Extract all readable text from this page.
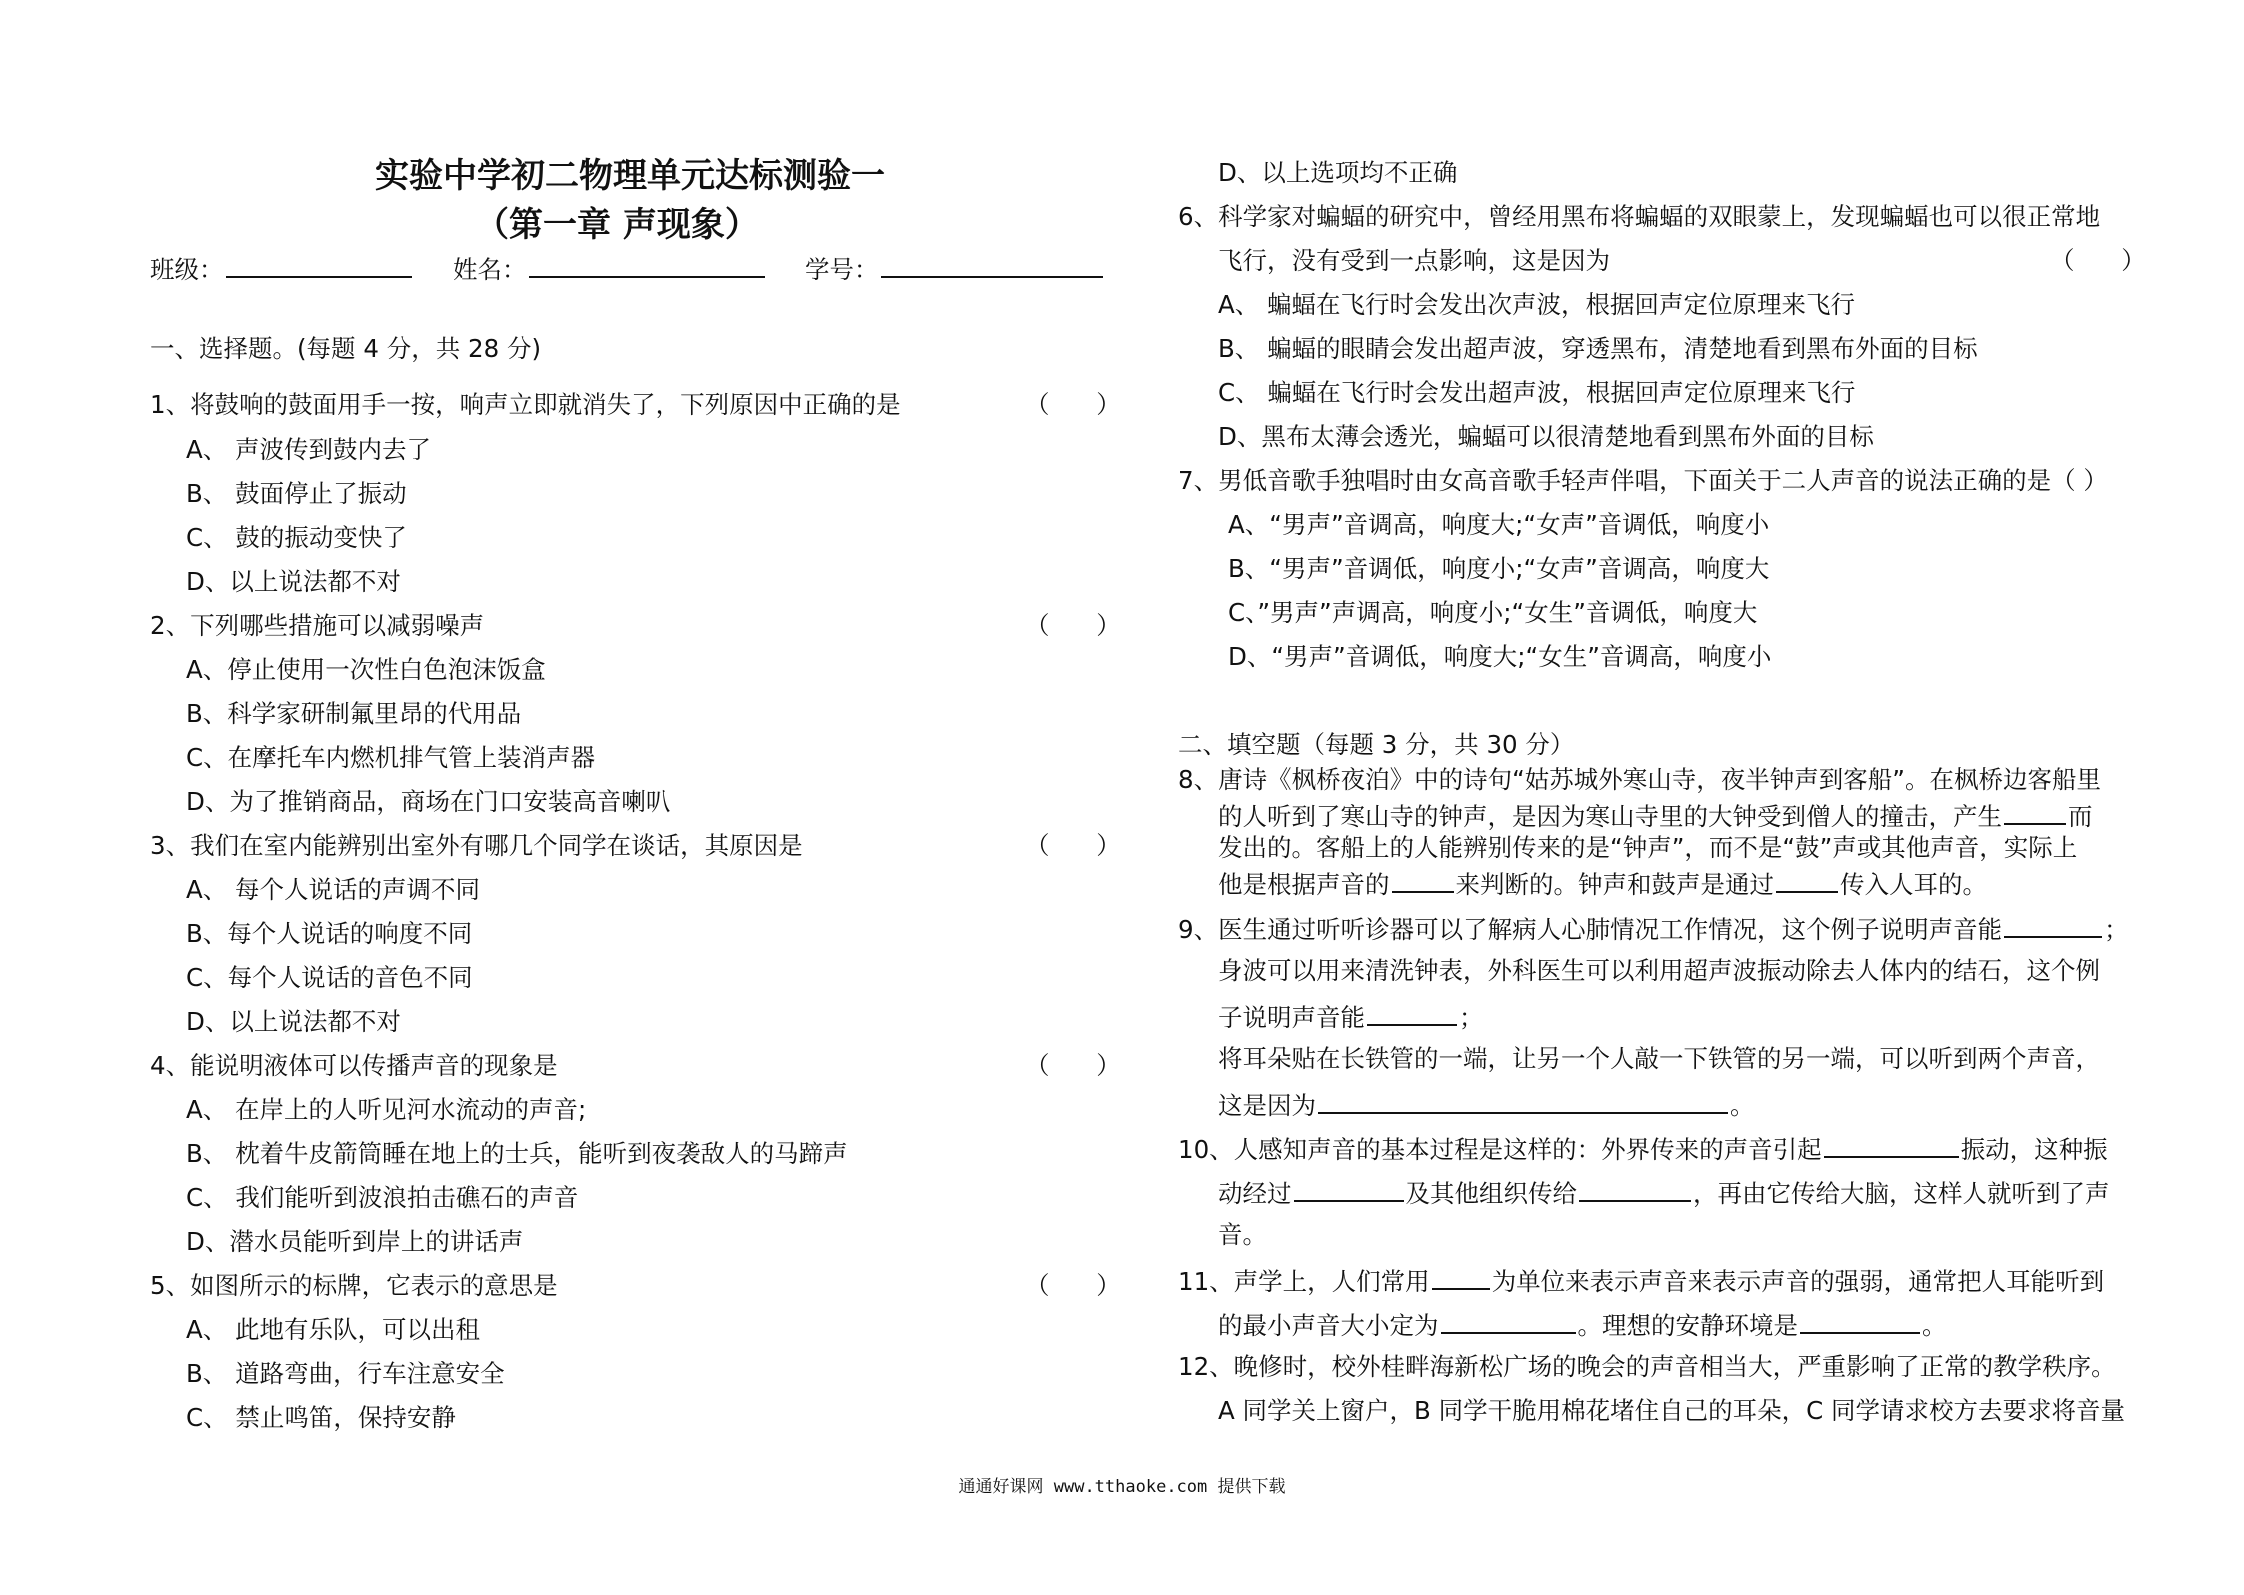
实验中学初二物理单元达标测验一
（第一章 声现象）
班级：	姓名：	学号：
一、选择题。(每题 4 分，共 28 分)
1、将鼓响的鼓面用手一按，响声立即就消失了，下列原因中正确的是	（      ）
A、 声波传到鼓内去了
B、 鼓面停止了振动
C、 鼓的振动变快了
D、以上说法都不对
2、下列哪些措施可以减弱噪声	（      ）
A、停止使用一次性白色泡沫饭盒
B、科学家研制氟里昂的代用品
C、在摩托车内燃机排气管上装消声器
D、为了推销商品，商场在门口安装高音喇叭
3、我们在室内能辨别出室外有哪几个同学在谈话，其原因是	（      ）
A、 每个人说话的声调不同
B、每个人说话的响度不同
C、每个人说话的音色不同
D、以上说法都不对
4、能说明液体可以传播声音的现象是	（      ）
A、 在岸上的人听见河水流动的声音;
B、 枕着牛皮箭筒睡在地上的士兵，能听到夜袭敌人的马蹄声
C、 我们能听到波浪拍击礁石的声音
D、潜水员能听到岸上的讲话声
5、如图所示的标牌，它表示的意思是	（      ）
A、 此地有乐队，可以出租
B、 道路弯曲，行车注意安全
C、 禁止鸣笛，保持安静
D、以上选项均不正确
6、科学家对蝙蝠的研究中，曾经用黑布将蝙蝠的双眼蒙上，发现蝙蝠也可以很正常地
飞行，没有受到一点影响，这是因为	（      ）
A、 蝙蝠在飞行时会发出次声波，根据回声定位原理来飞行
B、 蝙蝠的眼睛会发出超声波，穿透黑布，清楚地看到黑布外面的目标
C、 蝙蝠在飞行时会发出超声波，根据回声定位原理来飞行
D、黑布太薄会透光，蝙蝠可以很清楚地看到黑布外面的目标
7、男低音歌手独唱时由女高音歌手轻声伴唱，下面关于二人声音的说法正确的是（ ）
A、“男声”音调高，响度大;“女声”音调低，响度小
B、“男声”音调低，响度小;“女声”音调高，响度大
C、”男声”声调高，响度小;“女生”音调低，响度大
D、“男声”音调低，响度大;“女生”音调高，响度小
二、填空题（每题 3 分，共 30 分）
8、唐诗《枫桥夜泊》中的诗句“姑苏城外寒山寺，夜半钟声到客船”。在枫桥边客船里
的人听到了寒山寺的钟声，是因为寒山寺里的大钟受到僧人的撞击，产生	而
发出的。客船上的人能辨别传来的是“钟声”，而不是“鼓”声或其他声音，实际上
他是根据声音的	来判断的。钟声和鼓声是通过	传入人耳的。
9、医生通过听听诊器可以了解病人心肺情况工作情况，这个例子说明声音能	；
身波可以用来清洗钟表，外科医生可以利用超声波振动除去人体内的结石，这个例
子说明声音能	；
将耳朵贴在长铁管的一端，让另一个人敲一下铁管的另一端，可以听到两个声音，
这是因为	。
10、人感知声音的基本过程是这样的：外界传来的声音引起	振动，这种振
动经过	及其他组织传给	，再由它传给大脑，这样人就听到了声
音。
11、声学上，人们常用	为单位来表示声音来表示声音的强弱，通常把人耳能听到
的最小声音大小定为	。理想的安静环境是	。
12、晚修时，校外桂畔海新松广场的晚会的声音相当大，严重影响了正常的教学秩序。
A 同学关上窗户，B 同学干脆用棉花堵住自己的耳朵，C 同学请求校方去要求将音量
通通好课网 www.tthaoke.com 提供下载
